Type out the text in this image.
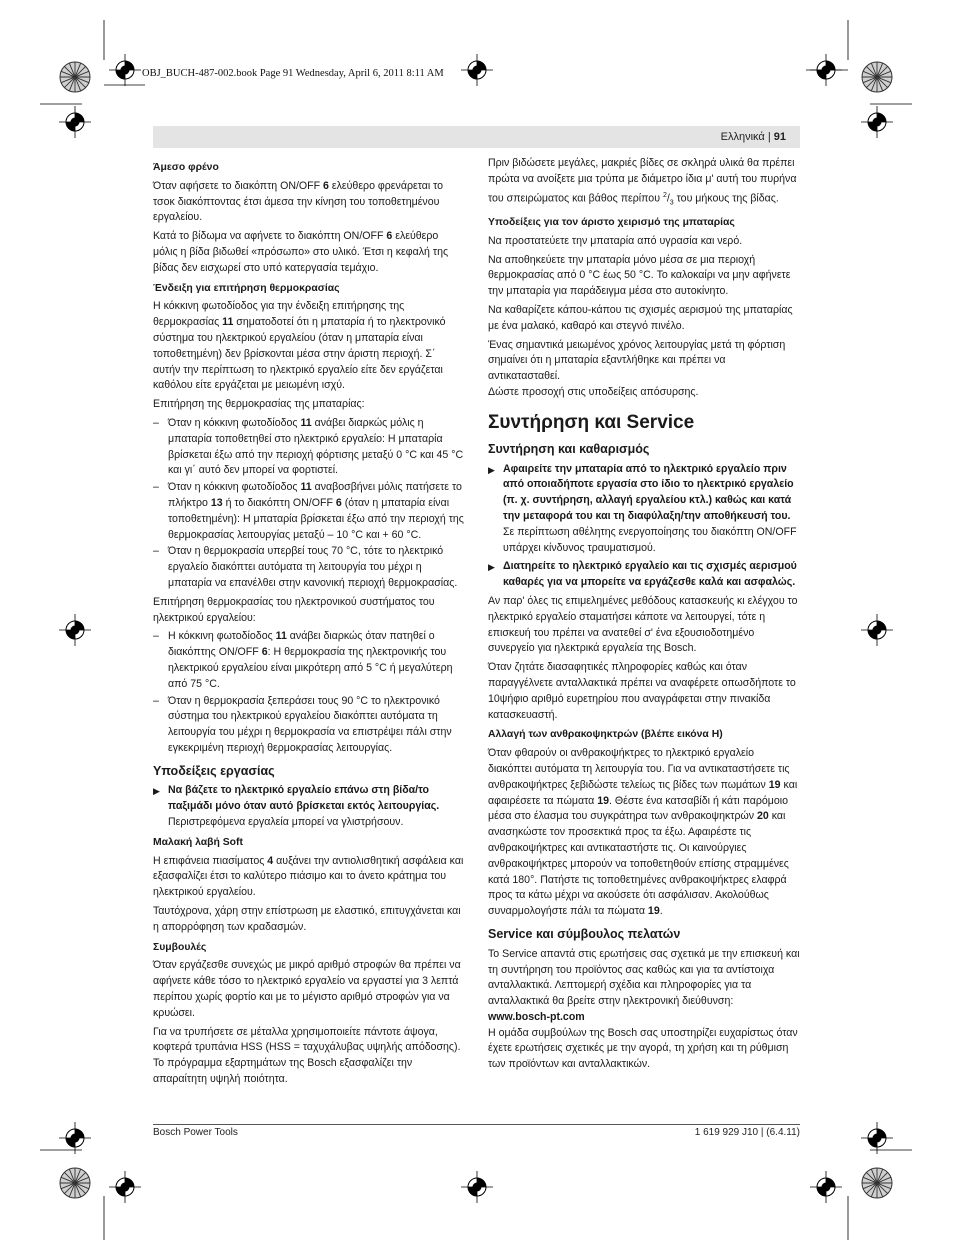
OBJ_BUCH-487-002.book Page 91 Wednesday, April 6, 2011 8:11 AM
Ελληνικά | 91
Άμεσο φρένο

Όταν αφήσετε το διακόπτη ON/OFF 6 ελεύθερο φρενάρεται το τσοκ διακόπτοντας έτσι άμεσα την κίνηση του τοποθετημένου εργαλείου.

Κατά το βίδωμα να αφήνετε το διακόπτη ON/OFF 6 ελεύθερο μόλις η βίδα βιδωθεί «πρόσωπο» στο υλικό. Έτσι η κεφαλή της βίδας δεν εισχωρεί στο υπό κατεργασία τεμάχιο.

Ένδειξη για επιτήρηση θερμοκρασίας

Η κόκκινη φωτοδίοδος για την ένδειξη επιτήρησης της θερμοκρασίας 11 σηματοδοτεί ότι η μπαταρία ή το ηλεκτρονικό σύστημα του ηλεκτρικού εργαλείου (όταν η μπαταρία είναι τοποθετημένη) δεν βρίσκονται μέσα στην άριστη περιοχή. Σ΄ αυτήν την περίπτωση το ηλεκτρικό εργαλείο είτε δεν εργάζεται καθόλου είτε εργάζεται με μειωμένη ισχύ.

Επιτήρηση της θερμοκρασίας της μπαταρίας:

– Όταν η κόκκινη φωτοδίοδος 11 ανάβει διαρκώς μόλις η μπαταρία τοποθετηθεί στο ηλεκτρικό εργαλείο: Η μπαταρία βρίσκεται έξω από την περιοχή φόρτισης μεταξύ 0 °C και 45 °C και γι΄ αυτό δεν μπορεί να φορτιστεί.
– Όταν η κόκκινη φωτοδίοδος 11 αναβοσβήνει μόλις πατήσετε το πλήκτρο 13 ή το διακόπτη ON/OFF 6 (όταν η μπαταρία είναι τοποθετημένη): Η μπαταρία βρίσκεται έξω από την περιοχή της θερμοκρασίας λειτουργίας μεταξύ – 10 °C και + 60 °C.
– Όταν η θερμοκρασία υπερβεί τους 70 °C, τότε το ηλεκτρικό εργαλείο διακόπτει αυτόματα τη λειτουργία του μέχρι η μπαταρία να επανέλθει στην κανονική περιοχή θερμοκρασίας.

Επιτήρηση θερμοκρασίας του ηλεκτρονικού συστήματος του ηλεκτρικού εργαλείου:

– Η κόκκινη φωτοδίοδος 11 ανάβει διαρκώς όταν πατηθεί ο διακόπτης ON/OFF 6: Η θερμοκρασία της ηλεκτρονικής του ηλεκτρικού εργαλείου είναι μικρότερη από 5 °C ή μεγαλύτερη από 75 °C.
– Όταν η θερμοκρασία ξεπεράσει τους 90 °C το ηλεκτρονικό σύστημα του ηλεκτρικού εργαλείου διακόπτει αυτόματα τη λειτουργία του μέχρι η θερμοκρασία να επιστρέψει πάλι στην εγκεκριμένη περιοχή θερμοκρασίας λειτουργίας.
Υποδείξεις εργασίας
▶ Να βάζετε το ηλεκτρικό εργαλείο επάνω στη βίδα/το παξιμάδι μόνο όταν αυτό βρίσκεται εκτός λειτουργίας. Περιστρεφόμενα εργαλεία μπορεί να γλιστρήσουν.
Μαλακή λαβή Soft

Η επιφάνεια πιασίματος 4 αυξάνει την αντιολισθητική ασφάλεια και εξασφαλίζει έτσι το καλύτερο πιάσιμο και το άνετο κράτημα του ηλεκτρικού εργαλείου.

Ταυτόχρονα, χάρη στην επίστρωση με ελαστικό, επιτυγχάνεται και η απορρόφηση των κραδασμών.

Συμβουλές

Όταν εργάζεσθε συνεχώς με μικρό αριθμό στροφών θα πρέπει να αφήνετε κάθε τόσο το ηλεκτρικό εργαλείο να εργαστεί για 3 λεπτά περίπου χωρίς φορτίο και με το μέγιστο αριθμό στροφών για να κρυώσει.

Για να τρυπήσετε σε μέταλλα χρησιμοποιείτε πάντοτε άψογα, κοφτερά τρυπάνια HSS (HSS = ταχυχάλυβας υψηλής απόδοσης). Το πρόγραμμα εξαρτημάτων της Bosch εξασφαλίζει την απαραίτητη υψηλή ποιότητα.

Πριν βιδώσετε μεγάλες, μακριές βίδες σε σκληρά υλικά θα πρέπει πρώτα να ανοίξετε μια τρύπα με διάμετρο ίδια μ' αυτή του πυρήνα του σπειρώματος και βάθος περίπου $^2/_3$ του μήκους της βίδας.

Υποδείξεις για τον άριστο χειρισμό της μπαταρίας

Να προστατεύετε την μπαταρία από υγρασία και νερό.

Να αποθηκεύετε την μπαταρία μόνο μέσα σε μια περιοχή θερμοκρασίας από 0 °C έως 50 °C. Το καλοκαίρι να μην αφήνετε την μπαταρία για παράδειγμα μέσα στο αυτοκίνητο.

Να καθαρίζετε κάπου-κάπου τις σχισμές αερισμού της μπαταρίας με ένα μαλακό, καθαρό και στεγνό πινέλο.

Ένας σημαντικά μειωμένος χρόνος λειτουργίας μετά τη φόρτιση σημαίνει ότι η μπαταρία εξαντλήθηκε και πρέπει να αντικατασταθεί.

Δώστε προσοχή στις υποδείξεις απόσυρσης.

Συντήρηση και Service
Συντήρηση και καθαρισμός
▶ Αφαιρείτε την μπαταρία από το ηλεκτρικό εργαλείο πριν από οποιαδήποτε εργασία στο ίδιο το ηλεκτρικό εργαλείο (π. χ. συντήρηση, αλλαγή εργαλείου κτλ.) καθώς και κατά την μεταφορά του και τη διαφύλαξη/την αποθήκευσή του. Σε περίπτωση αθέλητης ενεργοποίησης του διακόπτη ON/OFF υπάρχει κίνδυνος τραυματισμού.
▶ Διατηρείτε το ηλεκτρικό εργαλείο και τις σχισμές αερισμού καθαρές για να μπορείτε να εργάζεσθε καλά και ασφαλώς.

Αν παρ' όλες τις επιμελημένες μεθόδους κατασκευής κι ελέγχου το ηλεκτρικό εργαλείο σταματήσει κάποτε να λειτουργεί, τότε η επισκευή του πρέπει να ανατεθεί σ' ένα εξουσιοδοτημένο συνεργείο για ηλεκτρικά εργαλεία της Bosch.

Όταν ζητάτε διασαφητικές πληροφορίες καθώς και όταν παραγγέλνετε ανταλλακτικά πρέπει να αναφέρετε οπωσδήποτε το 10ψήφιο αριθμό ευρετηρίου που αναγράφεται στην πινακίδα κατασκευαστή.

Αλλαγή των ανθρακοψηκτρών (βλέπε εικόνα H)

Όταν φθαρούν οι ανθρακοψήκτρες το ηλεκτρικό εργαλείο διακόπτει αυτόματα τη λειτουργία του. Για να αντικαταστήσετε τις ανθρακοψήκτρες ξεβιδώστε τελείως τις βίδες των πωμάτων 19 και αφαιρέσετε τα πώματα 19. Θέστε ένα κατσαβίδι ή κάτι παρόμοιο μέσα στο έλασμα του συγκράτηρα των ανθρακοψηκτρών 20 και ανασηκώστε τον προσεκτικά προς τα έξω. Αφαιρέστε τις ανθρακοψήκτρες και αντικαταστήστε τις. Οι καινούργιες ανθρακοψήκτρες μπορούν να τοποθετηθούν επίσης στραμμένες κατά 180°. Πατήστε τις τοποθετημένες ανθρακοψήκτρες ελαφρά προς τα κάτω μέχρι να ακούσετε ότι ασφάλισαν. Ακολούθως συναρμολογήστε πάλι τα πώματα 19.

Service και σύμβουλος πελατών

Το Service απαντά στις ερωτήσεις σας σχετικά με την επισκευή και τη συντήρηση του προϊόντος σας καθώς και για τα αντίστοιχα ανταλλακτικά. Λεπτομερή σχέδια και πληροφορίες για τα ανταλλακτικά θα βρείτε στην ηλεκτρονική διεύθυνση:

www.bosch-pt.com

Η ομάδα συμβούλων της Bosch σας υποστηρίζει ευχαρίστως όταν έχετε ερωτήσεις σχετικές με την αγορά, τη χρήση και τη ρύθμιση των προϊόντων και ανταλλακτικών.

Bosch Power Tools	1 619 929 J10 | (6.4.11)
